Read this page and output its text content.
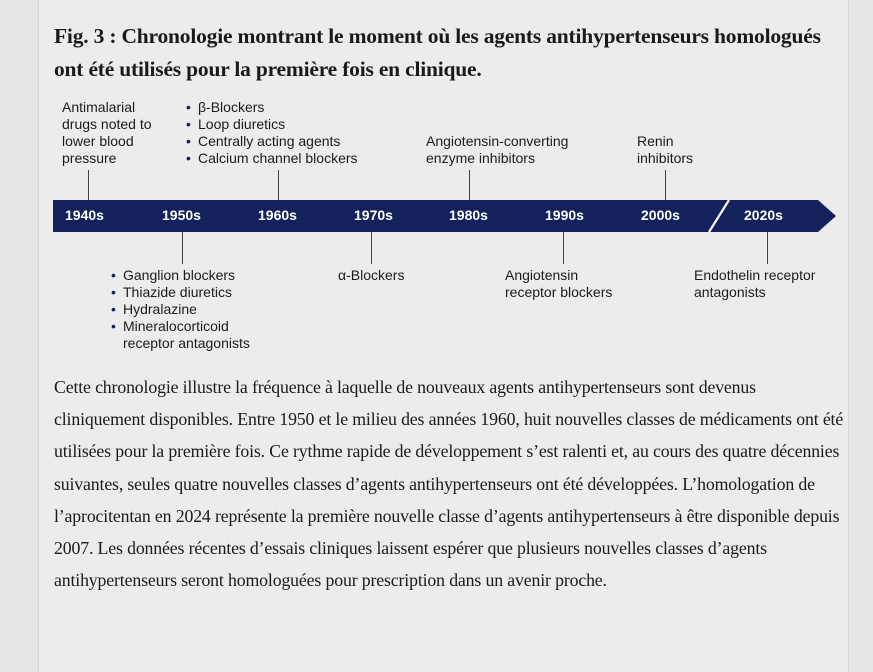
Fig. 3 : Chronologie montrant le moment où les agents antihypertenseurs homologués ont été utilisés pour la première fois en clinique.
1940s	1950s	1960s	1970s	1980s	1990s	2000s	2020s
Antimalarial
drugs noted to
lower blood
pressure
• β-Blockers
• Loop diuretics
• Centrally acting agents
• Calcium channel blockers
Angiotensin-converting
enzyme inhibitors
Renin
inhibitors
• Ganglion blockers
• Thiazide diuretics
• Hydralazine
• Mineralocorticoid
receptor antagonists
α-Blockers	Angiotensin
receptor blockers
Endothelin receptor
antagonists

Cette chronologie illustre la fréquence à laquelle de nouveaux agents antihypertenseurs sont devenus cliniquement disponibles. Entre 1950 et le milieu des années 1960, huit nouvelles classes de médicaments ont été utilisées pour la première fois. Ce rythme rapide de développement s’est ralenti et, au cours des quatre décennies suivantes, seules quatre nouvelles classes d’agents antihypertenseurs ont été développées. L’homologation de l’aprocitentan en 2024 représente la première nouvelle classe d’agents antihypertenseurs à être disponible depuis 2007. Les données récentes d’essais cliniques laissent espérer que plusieurs nouvelles classes d’agents antihypertenseurs seront homologuées pour prescription dans un avenir proche.
